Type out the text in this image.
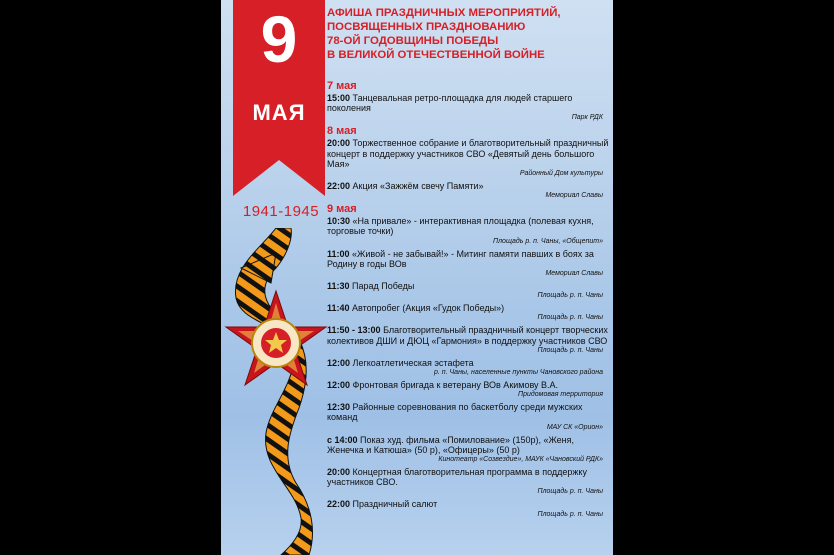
9
МАЯ
1941-1945
АФИША ПРАЗДНИЧНЫХ МЕРОПРИЯТИЙ,
ПОСВЯЩЕННЫХ ПРАЗДНОВАНИЮ
78-ОЙ ГОДОВЩИНЫ ПОБЕДЫ
В ВЕЛИКОЙ ОТЕЧЕСТВЕННОЙ ВОЙНЕ
7 мая
15:00 Танцевальная ретро-площадка для людей старшего поколения
Парк РДК
8 мая
20:00 Торжественное собрание и благотворительный праздничный концерт в поддержку участников СВО «Девятый день большого Мая»
Районный Дом культуры
22:00 Акция «Зажжём свечу Памяти»
Мемориал Славы
9 мая
10:30 «На привале» - интерактивная площадка (полевая кухня, торговые точки)
Площадь р. п. Чаны, «Общепит»
11:00 «Живой - не забывай!» - Митинг памяти павших в боях за Родину в годы ВОв
Мемориал Славы
11:30 Парад Победы
Площадь р. п. Чаны
11:40 Автопробег (Акция «Гудок Победы»)
Площадь р. п. Чаны
11:50 - 13:00 Благотворительный праздничный концерт творческих колективов ДШИ и ДЮЦ «Гармония» в поддержку участников СВО
Площадь р. п. Чаны
12:00 Легкоатлетическая эстафета
р. п. Чаны, населенные пункты Чановского района
12:00 Фронтовая бригада к ветерану ВОв Акимову В.А.
Придомовая территория
12:30 Районные соревнования по баскетболу среди мужских команд
МАУ СК «Орион»
с 14:00 Показ худ. фильма «Помилование» (150р), «Женя, Женечка и Катюша» (50 р), «Офицеры» (50 р)
Кинотеатр «Созвездие», МАУК «Чановский РДК»
20:00 Концертная благотворительная программа в поддержку участников СВО.
Площадь р. п. Чаны
22:00 Праздничный салют
Площадь р. п. Чаны
